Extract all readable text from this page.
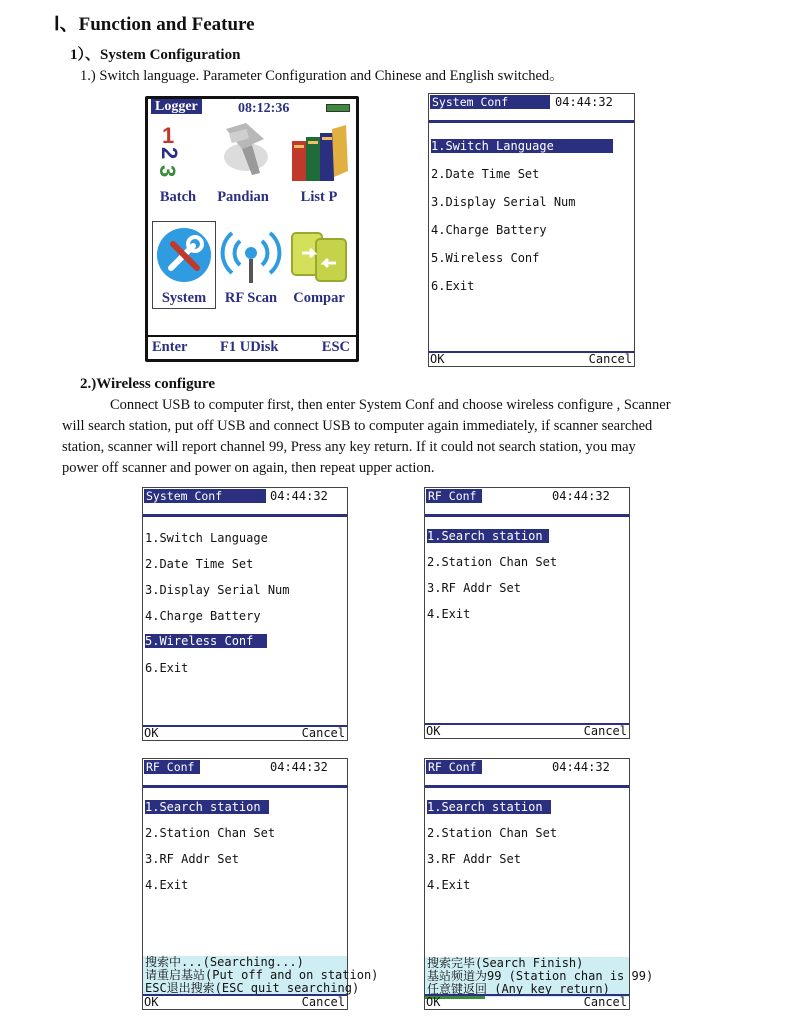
Ⅰ、Function and Feature
1）、System Configuration
1.) Switch language. Parameter Configuration and Chinese and English switched。
Logger	08:12:36
1
2
3
Batch	Pandian	List P
System	RF Scan	Compar
Enter F1 UDisk	ESC
System Conf	04:44:32
1.Switch Language
2.Date Time Set
3.Display Serial Num
4.Charge Battery
5.Wireless Conf
6.Exit
OK	Cancel
2.)Wireless configure
Connect USB to computer first, then enter System Conf and choose wireless configure , Scanner
will search station, put off USB and connect USB to computer again immediately, if scanner searched
station, scanner will report channel 99, Press any key return. If it could not search station, you may
power off scanner and power on again, then repeat upper action.
System Conf	04:44:32
1.Switch Language
2.Date Time Set
3.Display Serial Num
4.Charge Battery
5.Wireless Conf
6.Exit
OK	Cancel
RF Conf	04:44:32
1.Search station
2.Station Chan Set
3.RF Addr Set
4.Exit
OK	Cancel
RF Conf	04:44:32
1.Search station
2.Station Chan Set
3.RF Addr Set
4.Exit
搜索中...(Searching...)
请重启基站(Put off and on station)
ESC退出搜索(ESC quit searching)
OK	Cancel
RF Conf	04:44:32
1.Search station
2.Station Chan Set
3.RF Addr Set
4.Exit
搜索完毕(Search Finish)
基站频道为99 (Station chan is 99)
任意键返回 (Any key return)
OK	Cancel
